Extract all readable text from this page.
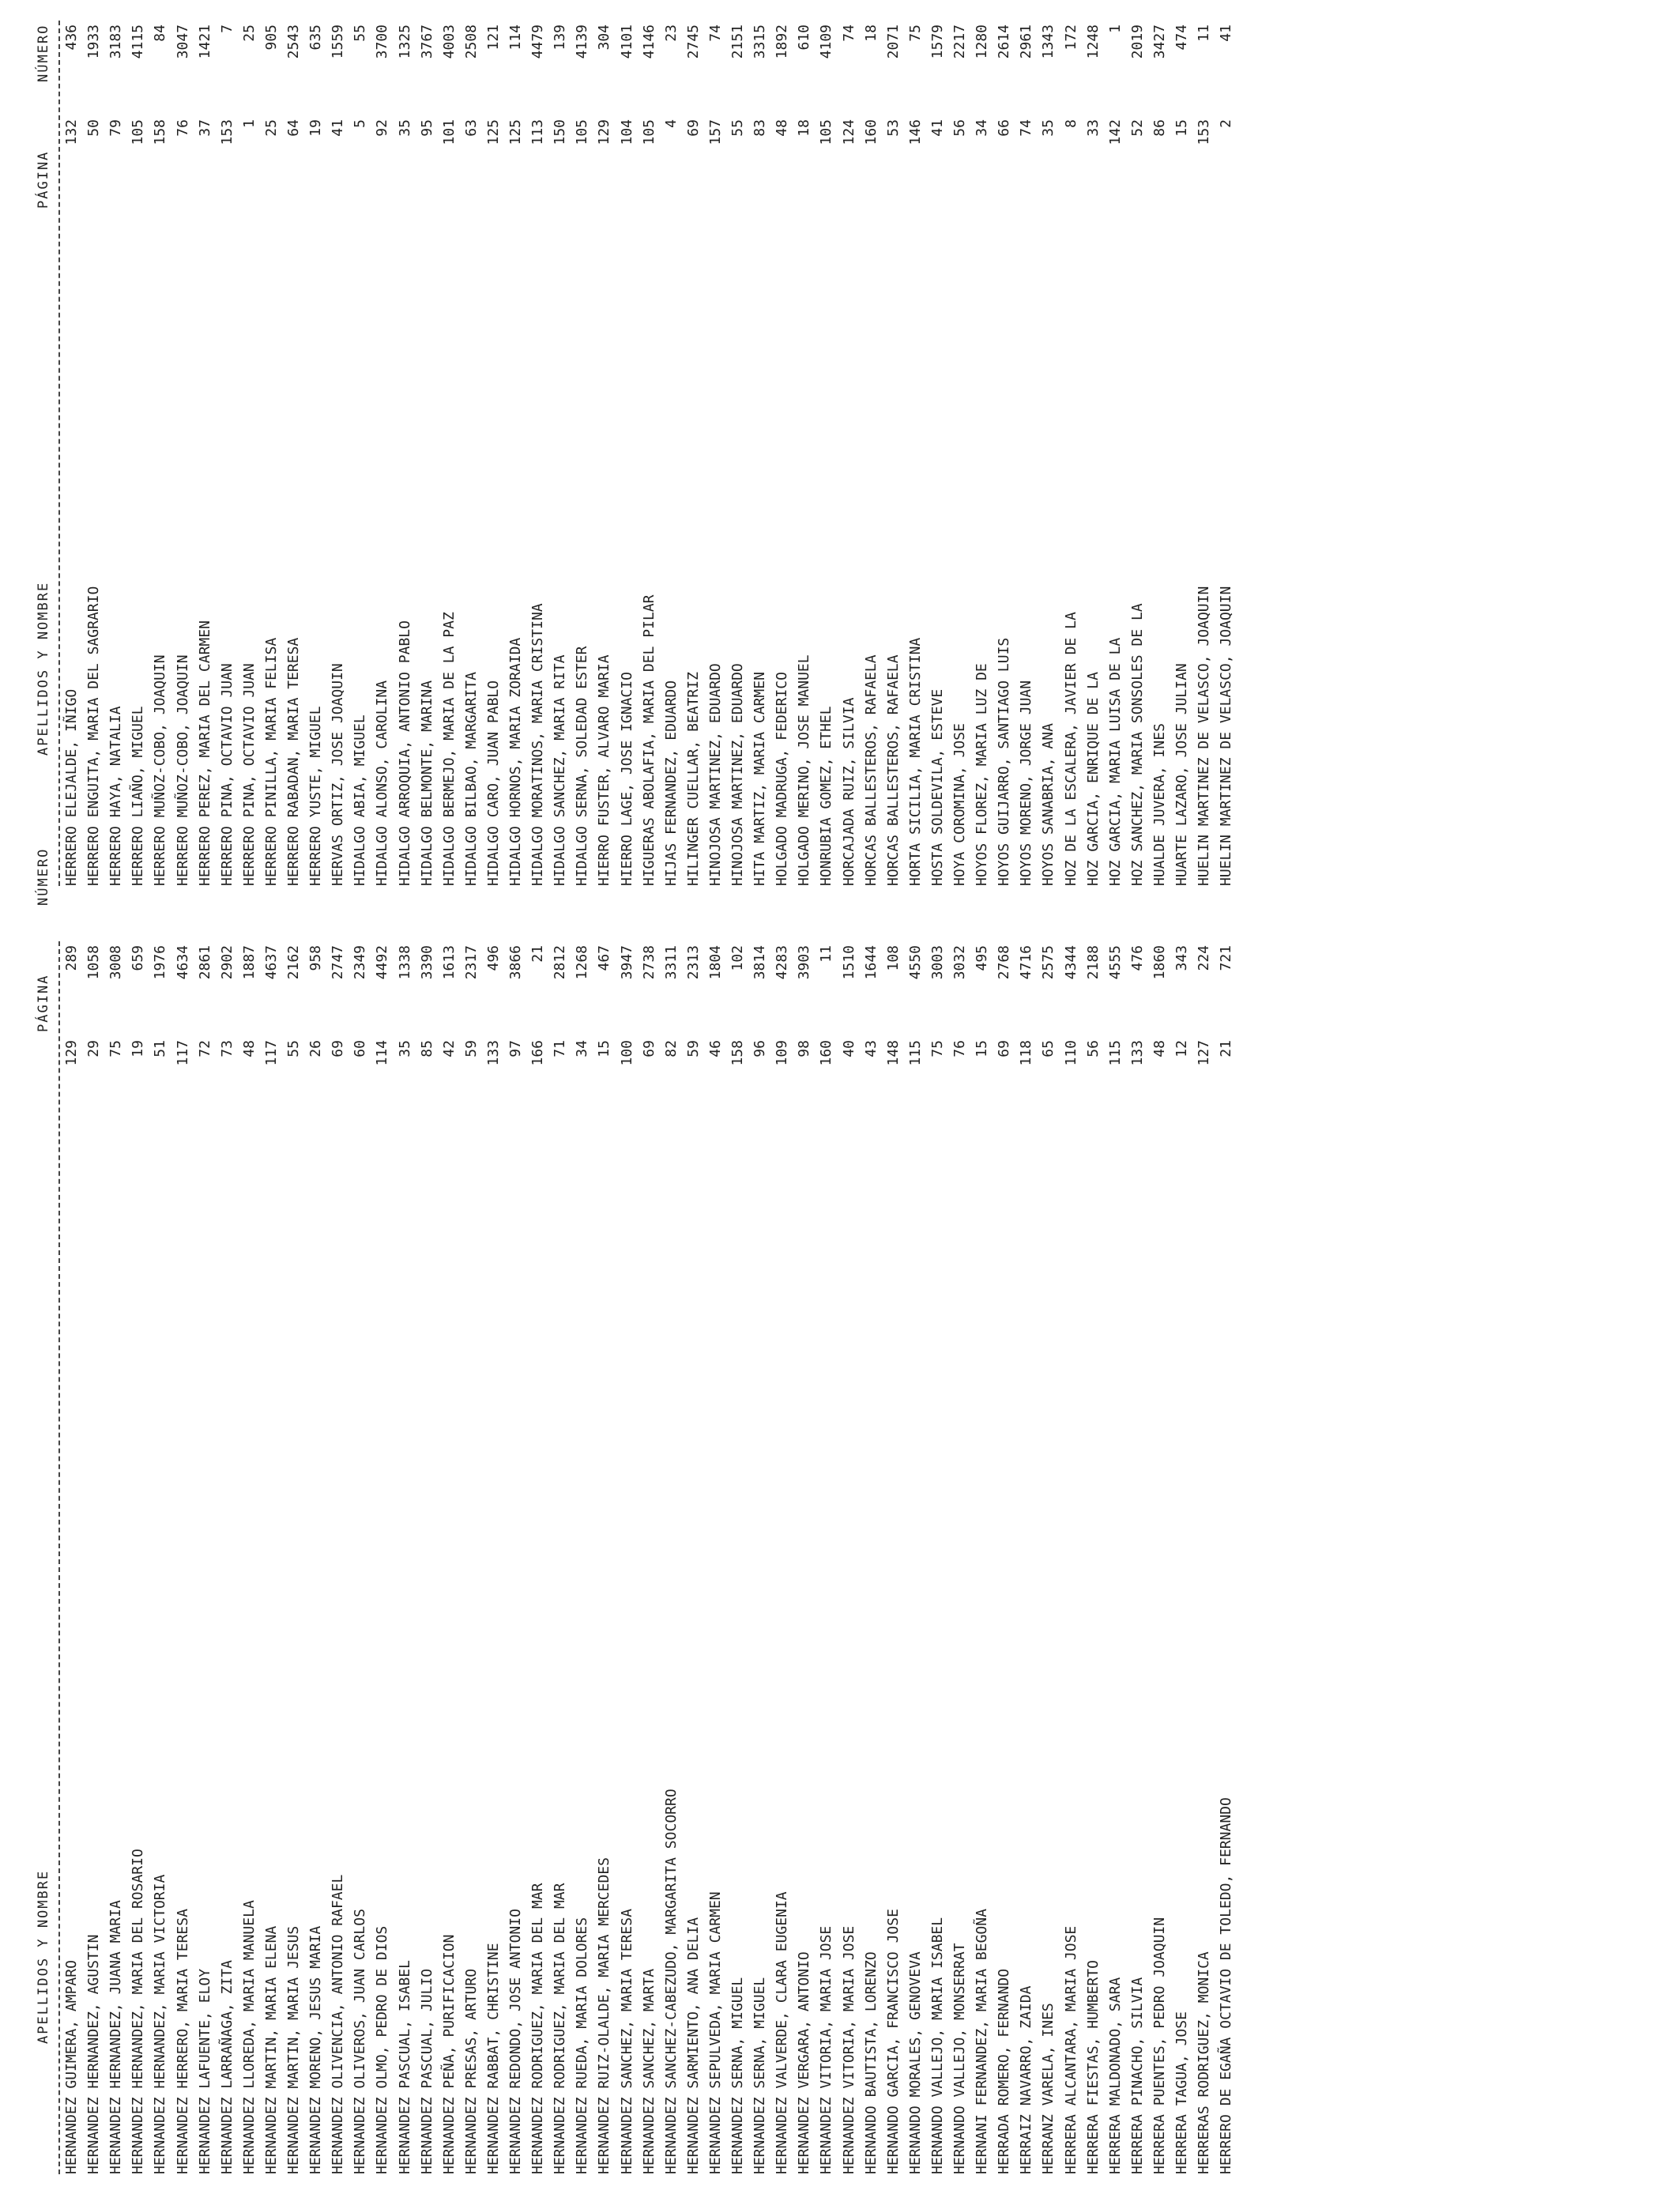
APELLIDOS Y NOMBRE
PÁGINA
NÚMERO
HERNANDEZ GUIMERA, AMPARO
129
289
HERNANDEZ HERNANDEZ, AGUSTIN
29
1058
HERNANDEZ HERNANDEZ, JUANA MARIA
75
3008
HERNANDEZ HERNANDEZ, MARIA DEL ROSARIO
19
659
HERNANDEZ HERNANDEZ, MARIA VICTORIA
51
1976
HERNANDEZ HERRERO, MARIA TERESA
117
4634
HERNANDEZ LAFUENTE, ELOY
72
2861
HERNANDEZ LARRAÑAGA, ZITA
73
2902
HERNANDEZ LLOREDA, MARIA MANUELA
48
1887
HERNANDEZ MARTIN, MARIA ELENA
117
4637
HERNANDEZ MARTIN, MARIA JESUS
55
2162
HERNANDEZ MORENO, JESUS MARIA
26
958
HERNANDEZ OLIVENCIA, ANTONIO RAFAEL
69
2747
HERNANDEZ OLIVEROS, JUAN CARLOS
60
2349
HERNANDEZ OLMO, PEDRO DE DIOS
114
4492
HERNANDEZ PASCUAL, ISABEL
35
1338
HERNANDEZ PASCUAL, JULIO
85
3390
HERNANDEZ PEÑA, PURIFICACION
42
1613
HERNANDEZ PRESAS, ARTURO
59
2317
HERNANDEZ RABBAT, CHRISTINE
133
496
HERNANDEZ REDONDO, JOSE ANTONIO
97
3866
HERNANDEZ RODRIGUEZ, MARIA DEL MAR
166
21
HERNANDEZ RODRIGUEZ, MARIA DEL MAR
71
2812
HERNANDEZ RUEDA, MARIA DOLORES
34
1268
HERNANDEZ RUIZ-OLALDE, MARIA MERCEDES
15
467
HERNANDEZ SANCHEZ, MARIA TERESA
100
3947
HERNANDEZ SANCHEZ, MARTA
69
2738
HERNANDEZ SANCHEZ-CABEZUDO, MARGARITA SOCORRO
82
3311
HERNANDEZ SARMIENTO, ANA DELIA
59
2313
HERNANDEZ SEPULVEDA, MARIA CARMEN
46
1804
HERNANDEZ SERNA, MIGUEL
158
102
HERNANDEZ SERNA, MIGUEL
96
3814
HERNANDEZ VALVERDE, CLARA EUGENIA
109
4283
HERNANDEZ VERGARA, ANTONIO
98
3903
HERNANDEZ VITORIA, MARIA JOSE
160
11
HERNANDEZ VITORIA, MARIA JOSE
40
1510
HERNANDO BAUTISTA, LORENZO
43
1644
HERNANDO GARCIA, FRANCISCO JOSE
148
108
HERNANDO MORALES, GENOVEVA
115
4550
HERNANDO VALLEJO, MARIA ISABEL
75
3003
HERNANDO VALLEJO, MONSERRAT
76
3032
HERNANI FERNANDEZ, MARIA BEGOÑA
15
495
HERRADA ROMERO, FERNANDO
69
2768
HERRAIZ NAVARRO, ZAIDA
118
4716
HERRANZ VARELA, INES
65
2575
HERRERA ALCANTARA, MARIA JOSE
110
4344
HERRERA FIESTAS, HUMBERTO
56
2188
HERRERA MALDONADO, SARA
115
4555
HERRERA PINACHO, SILVIA
133
476
HERRERA PUENTES, PEDRO JOAQUIN
48
1860
HERRERA TAGUA, JOSE
12
343
HERRERAS RODRIGUEZ, MONICA
127
224
HERRERO DE EGAÑA OCTAVIO DE TOLEDO, FERNANDO
21
721
APELLIDOS Y NOMBRE
PÁGINA
NÚMERO
HERRERO ELEJALDE, IÑIGO
132
436
HERRERO ENGUITA, MARIA DEL SAGRARIO
50
1933
HERRERO HAYA, NATALIA
79
3183
HERRERO LIAÑO, MIGUEL
105
4115
HERRERO MUÑOZ-COBO, JOAQUIN
158
84
HERRERO MUÑOZ-COBO, JOAQUIN
76
3047
HERRERO PEREZ, MARIA DEL CARMEN
37
1421
HERRERO PINA, OCTAVIO JUAN
153
7
HERRERO PINA, OCTAVIO JUAN
1
25
HERRERO PINILLA, MARIA FELISA
25
905
HERRERO RABADAN, MARIA TERESA
64
2543
HERRERO YUSTE, MIGUEL
19
635
HERVAS ORTIZ, JOSE JOAQUIN
41
1559
HIDALGO ABIA, MIGUEL
5
55
HIDALGO ALONSO, CAROLINA
92
3700
HIDALGO ARROQUIA, ANTONIO PABLO
35
1325
HIDALGO BELMONTE, MARINA
95
3767
HIDALGO BERMEJO, MARIA DE LA PAZ
101
4003
HIDALGO BILBAO, MARGARITA
63
2508
HIDALGO CARO, JUAN PABLO
125
121
HIDALGO HORNOS, MARIA ZORAIDA
125
114
HIDALGO MORATINOS, MARIA CRISTINA
113
4479
HIDALGO SANCHEZ, MARIA RITA
150
139
HIDALGO SERNA, SOLEDAD ESTER
105
4139
HIERRO FUSTER, ALVARO MARIA
129
304
HIERRO LAGE, JOSE IGNACIO
104
4101
HIGUERAS ABOLAFIA, MARIA DEL PILAR
105
4146
HIJAS FERNANDEZ, EDUARDO
4
23
HILINGER CUELLAR, BEATRIZ
69
2745
HINOJOSA MARTINEZ, EDUARDO
157
74
HINOJOSA MARTINEZ, EDUARDO
55
2151
HITA MARTIZ, MARIA CARMEN
83
3315
HOLGADO MADRUGA, FEDERICO
48
1892
HOLGADO MERINO, JOSE MANUEL
18
610
HONRUBIA GOMEZ, ETHEL
105
4109
HORCAJADA RUIZ, SILVIA
124
74
HORCAS BALLESTEROS, RAFAELA
160
18
HORCAS BALLESTEROS, RAFAELA
53
2071
HORTA SICILIA, MARIA CRISTINA
146
75
HOSTA SOLDEVILA, ESTEVE
41
1579
HOYA COROMINA, JOSE
56
2217
HOYOS FLOREZ, MARIA LUZ DE
34
1280
HOYOS GUIJARRO, SANTIAGO LUIS
66
2614
HOYOS MORENO, JORGE JUAN
74
2961
HOYOS SANABRIA, ANA
35
1343
HOZ DE LA ESCALERA, JAVIER DE LA
8
172
HOZ GARCIA, ENRIQUE DE LA
33
1248
HOZ GARCIA, MARIA LUISA DE LA
142
1
HOZ SANCHEZ, MARIA SONSOLES DE LA
52
2019
HUALDE JUVERA, INES
86
3427
HUARTE LAZARO, JOSE JULIAN
15
474
HUELIN MARTINEZ DE VELASCO, JOAQUIN
153
11
HUELIN MARTINEZ DE VELASCO, JOAQUIN
2
41
